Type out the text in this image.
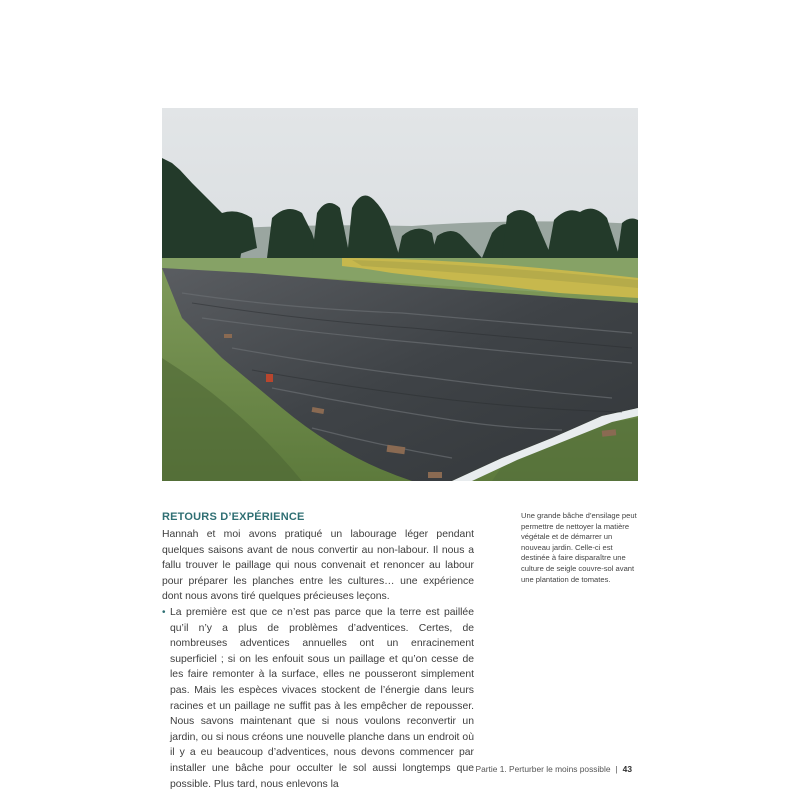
RETOURS D’EXPÉRIENCE

Hannah et moi avons pratiqué un labourage léger pendant quelques saisons avant de nous convertir au non-labour. Il nous a fallu trouver le paillage qui nous convenait et renoncer au labour pour préparer les planches entre les cultures… une expérience dont nous avons tiré quelques précieuses leçons.

• La première est que ce n’est pas parce que la terre est paillée qu’il n’y a plus de problèmes d’adventices. Certes, de nombreuses adventices annuelles ont un enracinement superficiel ; si on les enfouit sous un paillage et qu’on cesse de les faire remonter à la surface, elles ne pousseront simplement pas. Mais les espèces vivaces stockent de l’énergie dans leurs racines et un paillage ne suffit pas à les empêcher de repousser. Nous savons maintenant que si nous voulons reconvertir un jardin, ou si nous créons une nouvelle planche dans un endroit où il y a eu beaucoup d’adventices, nous devons commencer par installer une bâche pour occulter le sol aussi longtemps que possible. Plus tard, nous enlevons la
Une grande bâche d’ensilage peut permettre de nettoyer la matière végétale et de démarrer un nouveau jardin. Celle-ci est destinée à faire disparaître une culture de seigle couvre-sol avant une plantation de tomates.
Partie 1. Perturber le moins possible | 43
